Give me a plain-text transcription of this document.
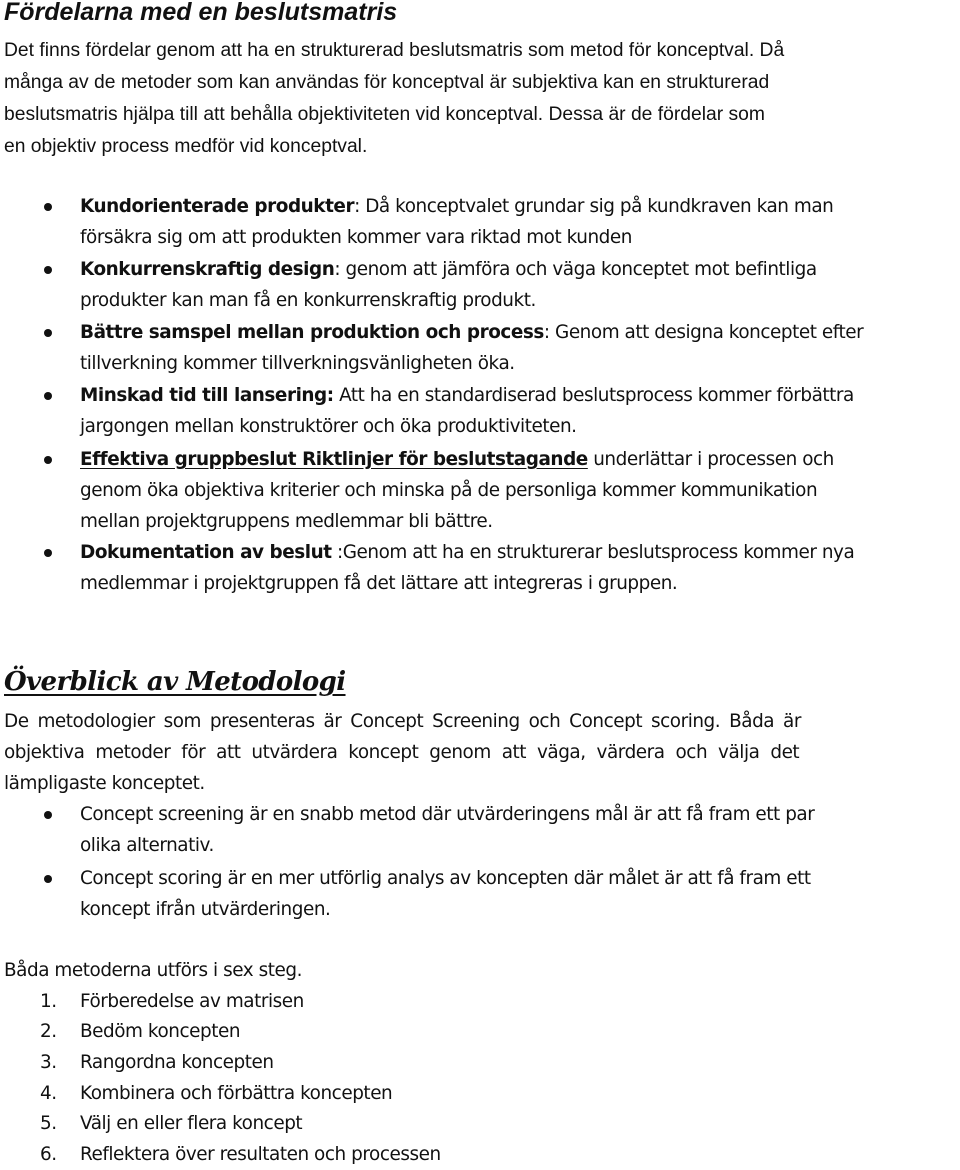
Fördelarna med en beslutsmatris

Det finns fördelar genom att ha en strukturerad beslutsmatris som metod för konceptval. Då
många av de metoder som kan användas för konceptval är subjektiva kan en strukturerad
beslutsmatris hjälpa till att behålla objektiviteten vid konceptval. Dessa är de fördelar som
en objektiv process medför vid konceptval.

Kundorienterade produkter: Då konceptvalet grundar sig på kundkraven kan man
försäkra sig om att produkten kommer vara riktad mot kunden
Konkurrenskraftig design: genom att jämföra och väga konceptet mot befintliga
produkter kan man få en konkurrenskraftig produkt.
Bättre samspel mellan produktion och process: Genom att designa konceptet efter
tillverkning kommer tillverkningsvänligheten öka.
Minskad tid till lansering: Att ha en standardiserad beslutsprocess kommer förbättra
jargongen mellan konstruktörer och öka produktiviteten.
Effektiva gruppbeslut Riktlinjer för beslutstagande underlättar i processen och
genom öka objektiva kriterier och minska på de personliga kommer kommunikation
mellan projektgruppens medlemmar bli bättre.
Dokumentation av beslut :Genom att ha en strukturerar beslutsprocess kommer nya
medlemmar i projektgruppen få det lättare att integreras i gruppen.
Överblick av Metodologi
De metodologier som presenteras är Concept Screening och Concept scoring. Båda är
objektiva metoder för att utvärdera koncept genom att väga, värdera och välja det
lämpligaste konceptet.
Concept screening är en snabb metod där utvärderingens mål är att få fram ett par
olika alternativ.
Concept scoring är en mer utförlig analys av koncepten där målet är att få fram ett
koncept ifrån utvärderingen.
Båda metoderna utförs i sex steg.
1. Förberedelse av matrisen
2. Bedöm koncepten
3. Rangordna koncepten
4. Kombinera och förbättra koncepten
5. Välj en eller flera koncept
6. Reflektera över resultaten och processen
